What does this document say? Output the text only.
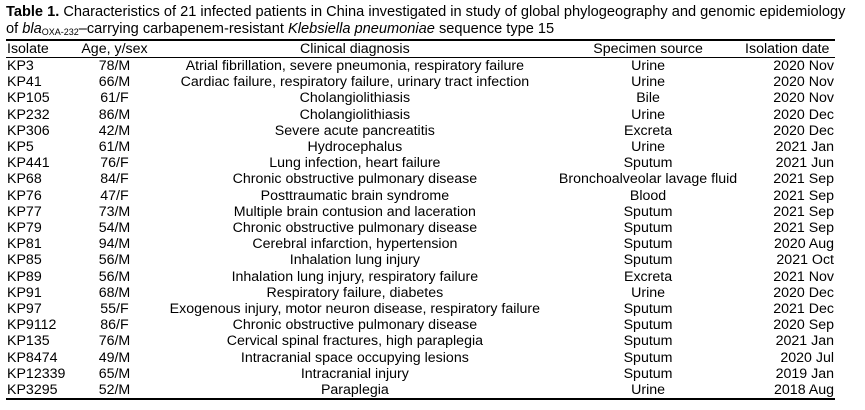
Table 1. Characteristics of 21 infected patients in China investigated in study of global phylogeography and genomic epidemiology of bla$_{OXA-232}$–carrying carbapenem-resistant Klebsiella pneumoniae sequence type 15
Isolate	Age, y/sex	Clinical diagnosis	Specimen source	Isolation date
KP3	78/M	Atrial fibrillation, severe pneumonia, respiratory failure	Urine	2020 Nov
KP41	66/M	Cardiac failure, respiratory failure, urinary tract infection	Urine	2020 Nov
KP105	61/F	Cholangiolithiasis	Bile	2020 Nov
KP232	86/M	Cholangiolithiasis	Urine	2020 Dec
KP306	42/M	Severe acute pancreatitis	Excreta	2020 Dec
KP5	61/M	Hydrocephalus	Urine	2021 Jan
KP441	76/F	Lung infection, heart failure	Sputum	2021 Jun
KP68	84/F	Chronic obstructive pulmonary disease	Bronchoalveolar lavage fluid	2021 Sep
KP76	47/F	Posttraumatic brain syndrome	Blood	2021 Sep
KP77	73/M	Multiple brain contusion and laceration	Sputum	2021 Sep
KP79	54/M	Chronic obstructive pulmonary disease	Sputum	2021 Sep
KP81	94/M	Cerebral infarction, hypertension	Sputum	2020 Aug
KP85	56/M	Inhalation lung injury	Sputum	2021 Oct
KP89	56/M	Inhalation lung injury, respiratory failure	Excreta	2021 Nov
KP91	68/M	Respiratory failure, diabetes	Urine	2020 Dec
KP97	55/F	Exogenous injury, motor neuron disease, respiratory failure	Sputum	2021 Dec
KP9112	86/F	Chronic obstructive pulmonary disease	Sputum	2020 Sep
KP135	76/M	Cervical spinal fractures, high paraplegia	Sputum	2021 Jan
KP8474	49/M	Intracranial space occupying lesions	Sputum	2020 Jul
KP12339	65/M	Intracranial injury	Sputum	2019 Jan
KP3295	52/M	Paraplegia	Urine	2018 Aug
